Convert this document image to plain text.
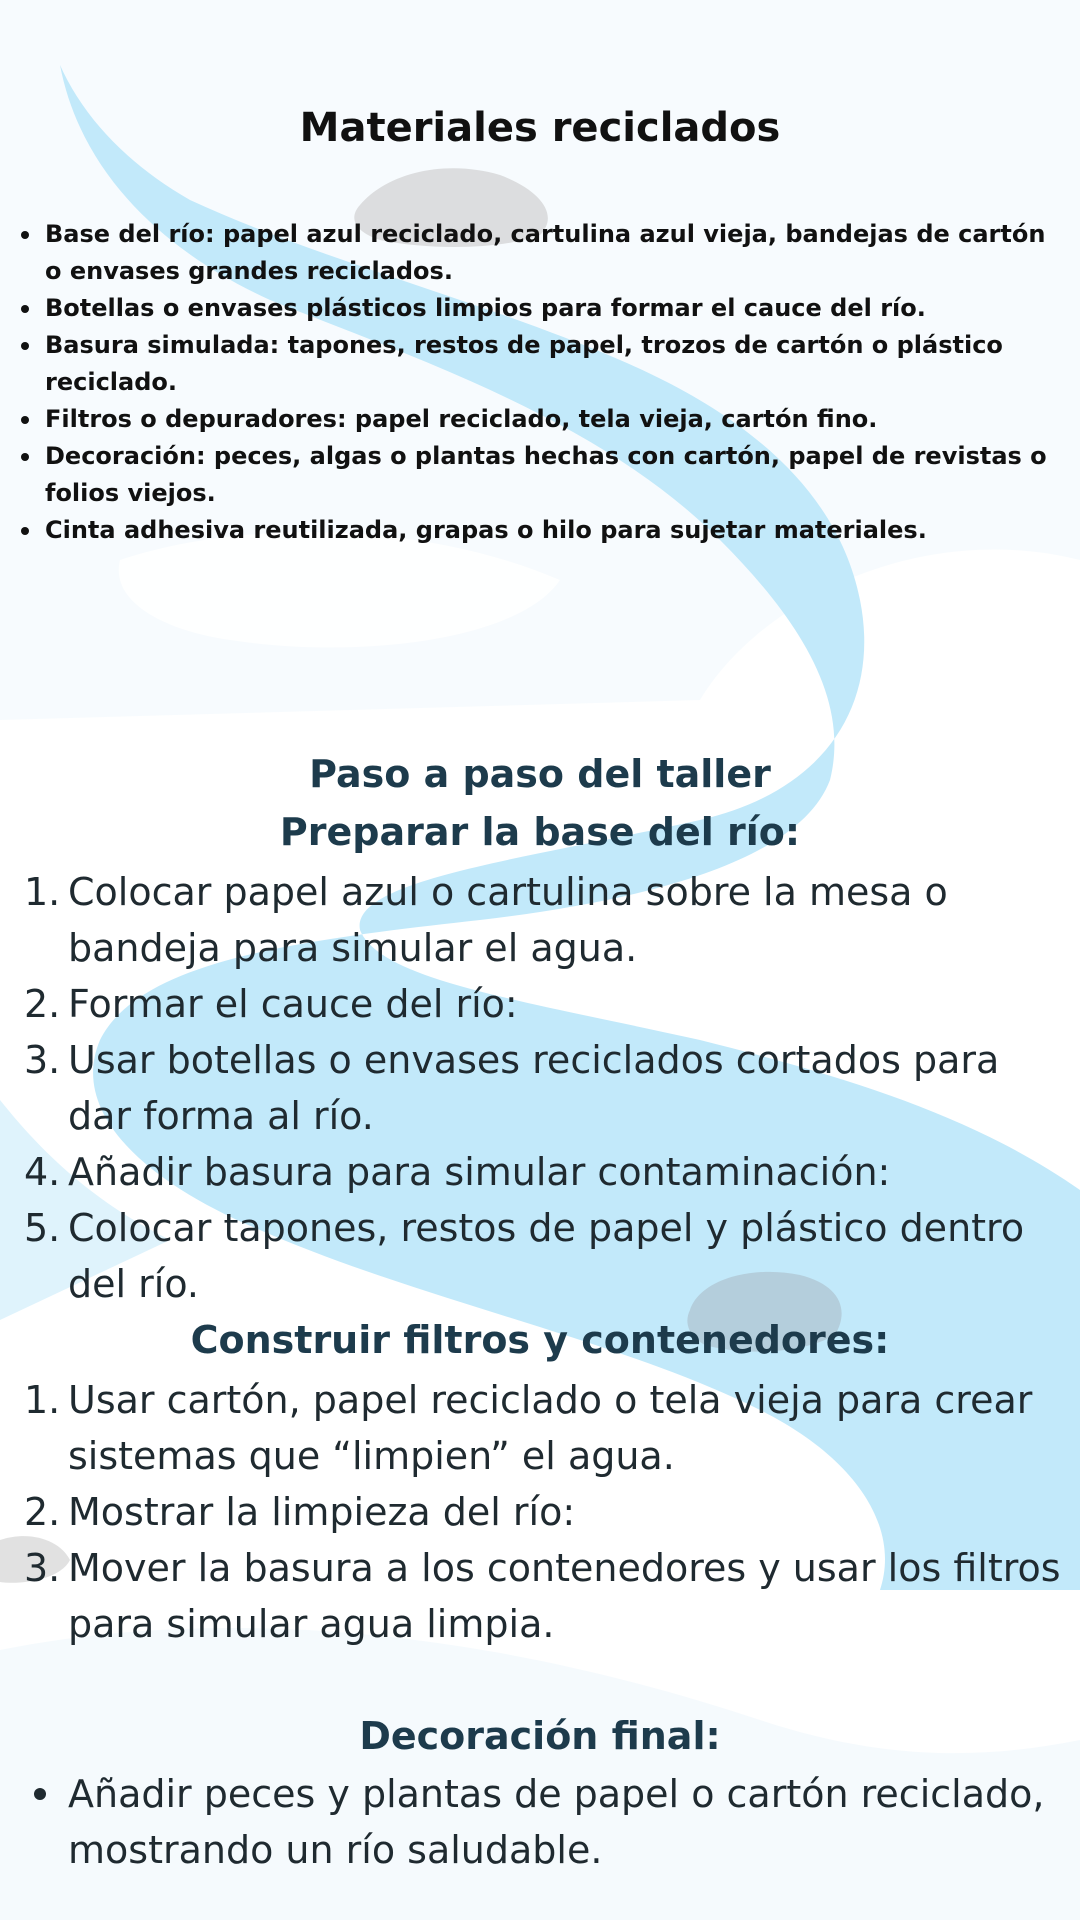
Materiales reciclados
Base del río: papel azul reciclado, cartulina azul vieja, bandejas de cartón o envases grandes reciclados.
Botellas o envases plásticos limpios para formar el cauce del río.
Basura simulada: tapones, restos de papel, trozos de cartón o plástico reciclado.
Filtros o depuradores: papel reciclado, tela vieja, cartón fino.
Decoración: peces, algas o plantas hechas con cartón, papel de revistas o folios viejos.
Cinta adhesiva reutilizada, grapas o hilo para sujetar materiales.
Paso a paso del taller
Preparar la base del río:
1. Colocar papel azul o cartulina sobre la mesa o bandeja para simular el agua.
2. Formar el cauce del río:
3. Usar botellas o envases reciclados cortados para dar forma al río.
4. Añadir basura para simular contaminación:
5. Colocar tapones, restos de papel y plástico dentro del río.
Construir filtros y contenedores:
1. Usar cartón, papel reciclado o tela vieja para crear sistemas que “limpien” el agua.
2. Mostrar la limpieza del río:
3. Mover la basura a los contenedores y usar los filtros para simular agua limpia.
Decoración final:
Añadir peces y plantas de papel o cartón reciclado, mostrando un río saludable.
